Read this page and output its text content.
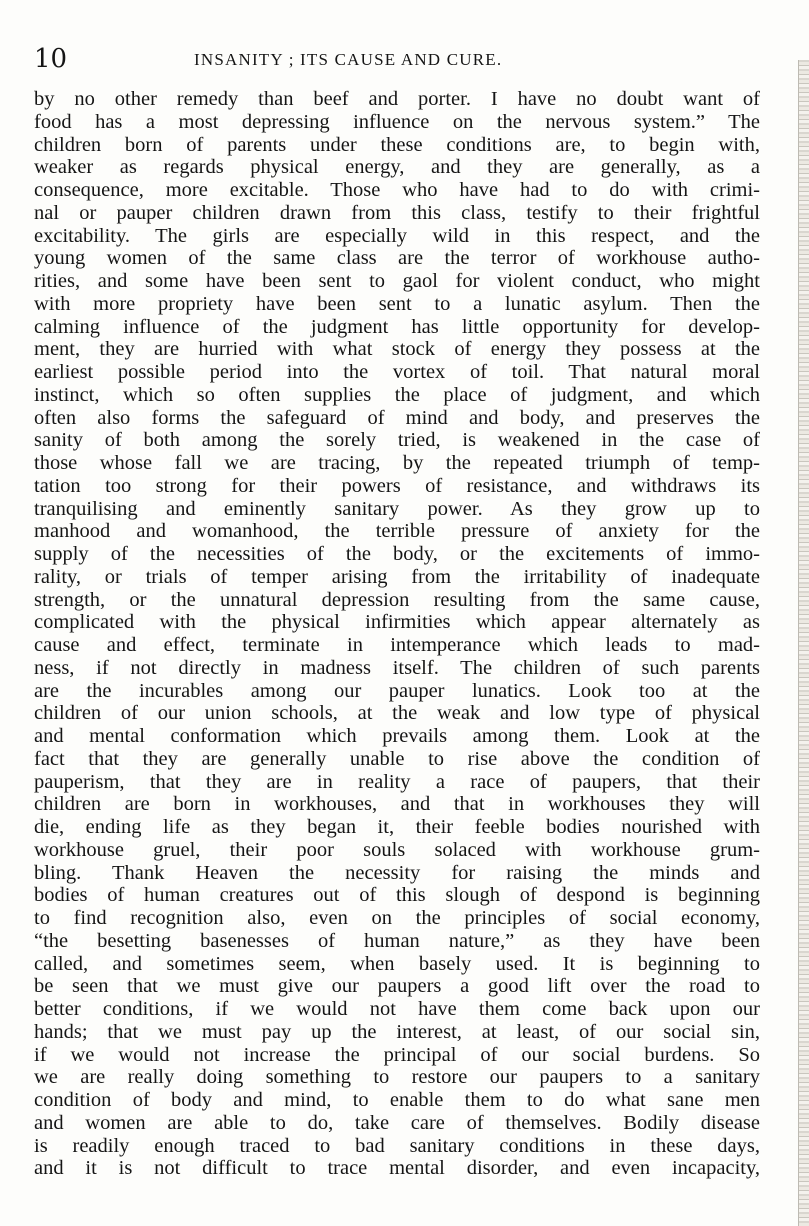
10	INSANITY ; ITS CAUSE AND CURE.
by no other remedy than beef and porter. I have no doubt want of
food has a most depressing influence on the nervous system.” The
children born of parents under these conditions are, to begin with,
weaker as regards physical energy, and they are generally, as a
consequence, more excitable. Those who have had to do with crimi-
nal or pauper children drawn from this class, testify to their frightful
excitability. The girls are especially wild in this respect, and the
young women of the same class are the terror of workhouse autho-
rities, and some have been sent to gaol for violent conduct, who might
with more propriety have been sent to a lunatic asylum. Then the
calming influence of the judgment has little opportunity for develop-
ment, they are hurried with what stock of energy they possess at the
earliest possible period into the vortex of toil. That natural moral
instinct, which so often supplies the place of judgment, and which
often also forms the safeguard of mind and body, and preserves the
sanity of both among the sorely tried, is weakened in the case of
those whose fall we are tracing, by the repeated triumph of temp-
tation too strong for their powers of resistance, and withdraws its
tranquilising and eminently sanitary power. As they grow up to
manhood and womanhood, the terrible pressure of anxiety for the
supply of the necessities of the body, or the excitements of immo-
rality, or trials of temper arising from the irritability of inadequate
strength, or the unnatural depression resulting from the same cause,
complicated with the physical infirmities which appear alternately as
cause and effect, terminate in intemperance which leads to mad-
ness, if not directly in madness itself. The children of such parents
are the incurables among our pauper lunatics. Look too at the
children of our union schools, at the weak and low type of physical
and mental conformation which prevails among them. Look at the
fact that they are generally unable to rise above the condition of
pauperism, that they are in reality a race of paupers, that their
children are born in workhouses, and that in workhouses they will
die, ending life as they began it, their feeble bodies nourished with
workhouse gruel, their poor souls solaced with workhouse grum-
bling. Thank Heaven the necessity for raising the minds and
bodies of human creatures out of this slough of despond is beginning
to find recognition also, even on the principles of social economy,
“the besetting basenesses of human nature,” as they have been
called, and sometimes seem, when basely used. It is beginning to
be seen that we must give our paupers a good lift over the road to
better conditions, if we would not have them come back upon our
hands; that we must pay up the interest, at least, of our social sin,
if we would not increase the principal of our social burdens. So
we are really doing something to restore our paupers to a sanitary
condition of body and mind, to enable them to do what sane men
and women are able to do, take care of themselves. Bodily disease
is readily enough traced to bad sanitary conditions in these days,
and it is not difficult to trace mental disorder, and even incapacity,
